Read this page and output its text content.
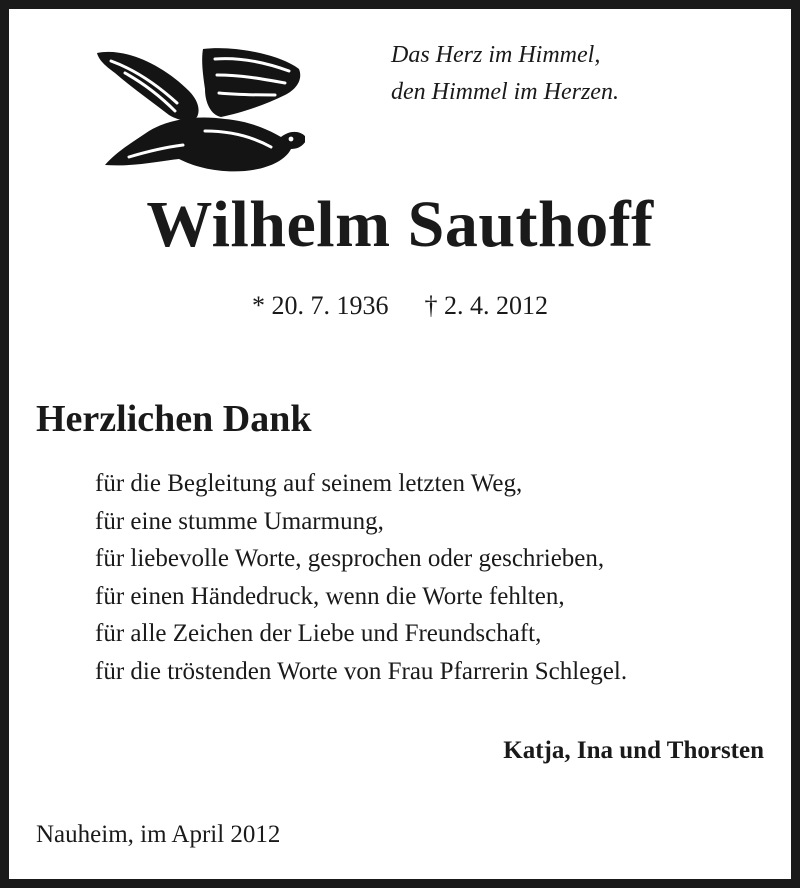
Das Herz im Himmel,
den Himmel im Herzen.
Wilhelm Sauthoff
* 20. 7. 1936 † 2. 4. 2012
Herzlichen Dank
für die Begleitung auf seinem letzten Weg,
für eine stumme Umarmung,
für liebevolle Worte, gesprochen oder geschrieben,
für einen Händedruck, wenn die Worte fehlten,
für alle Zeichen der Liebe und Freundschaft,
für die tröstenden Worte von Frau Pfarrerin Schlegel.
Katja, Ina und Thorsten
Nauheim, im April 2012
